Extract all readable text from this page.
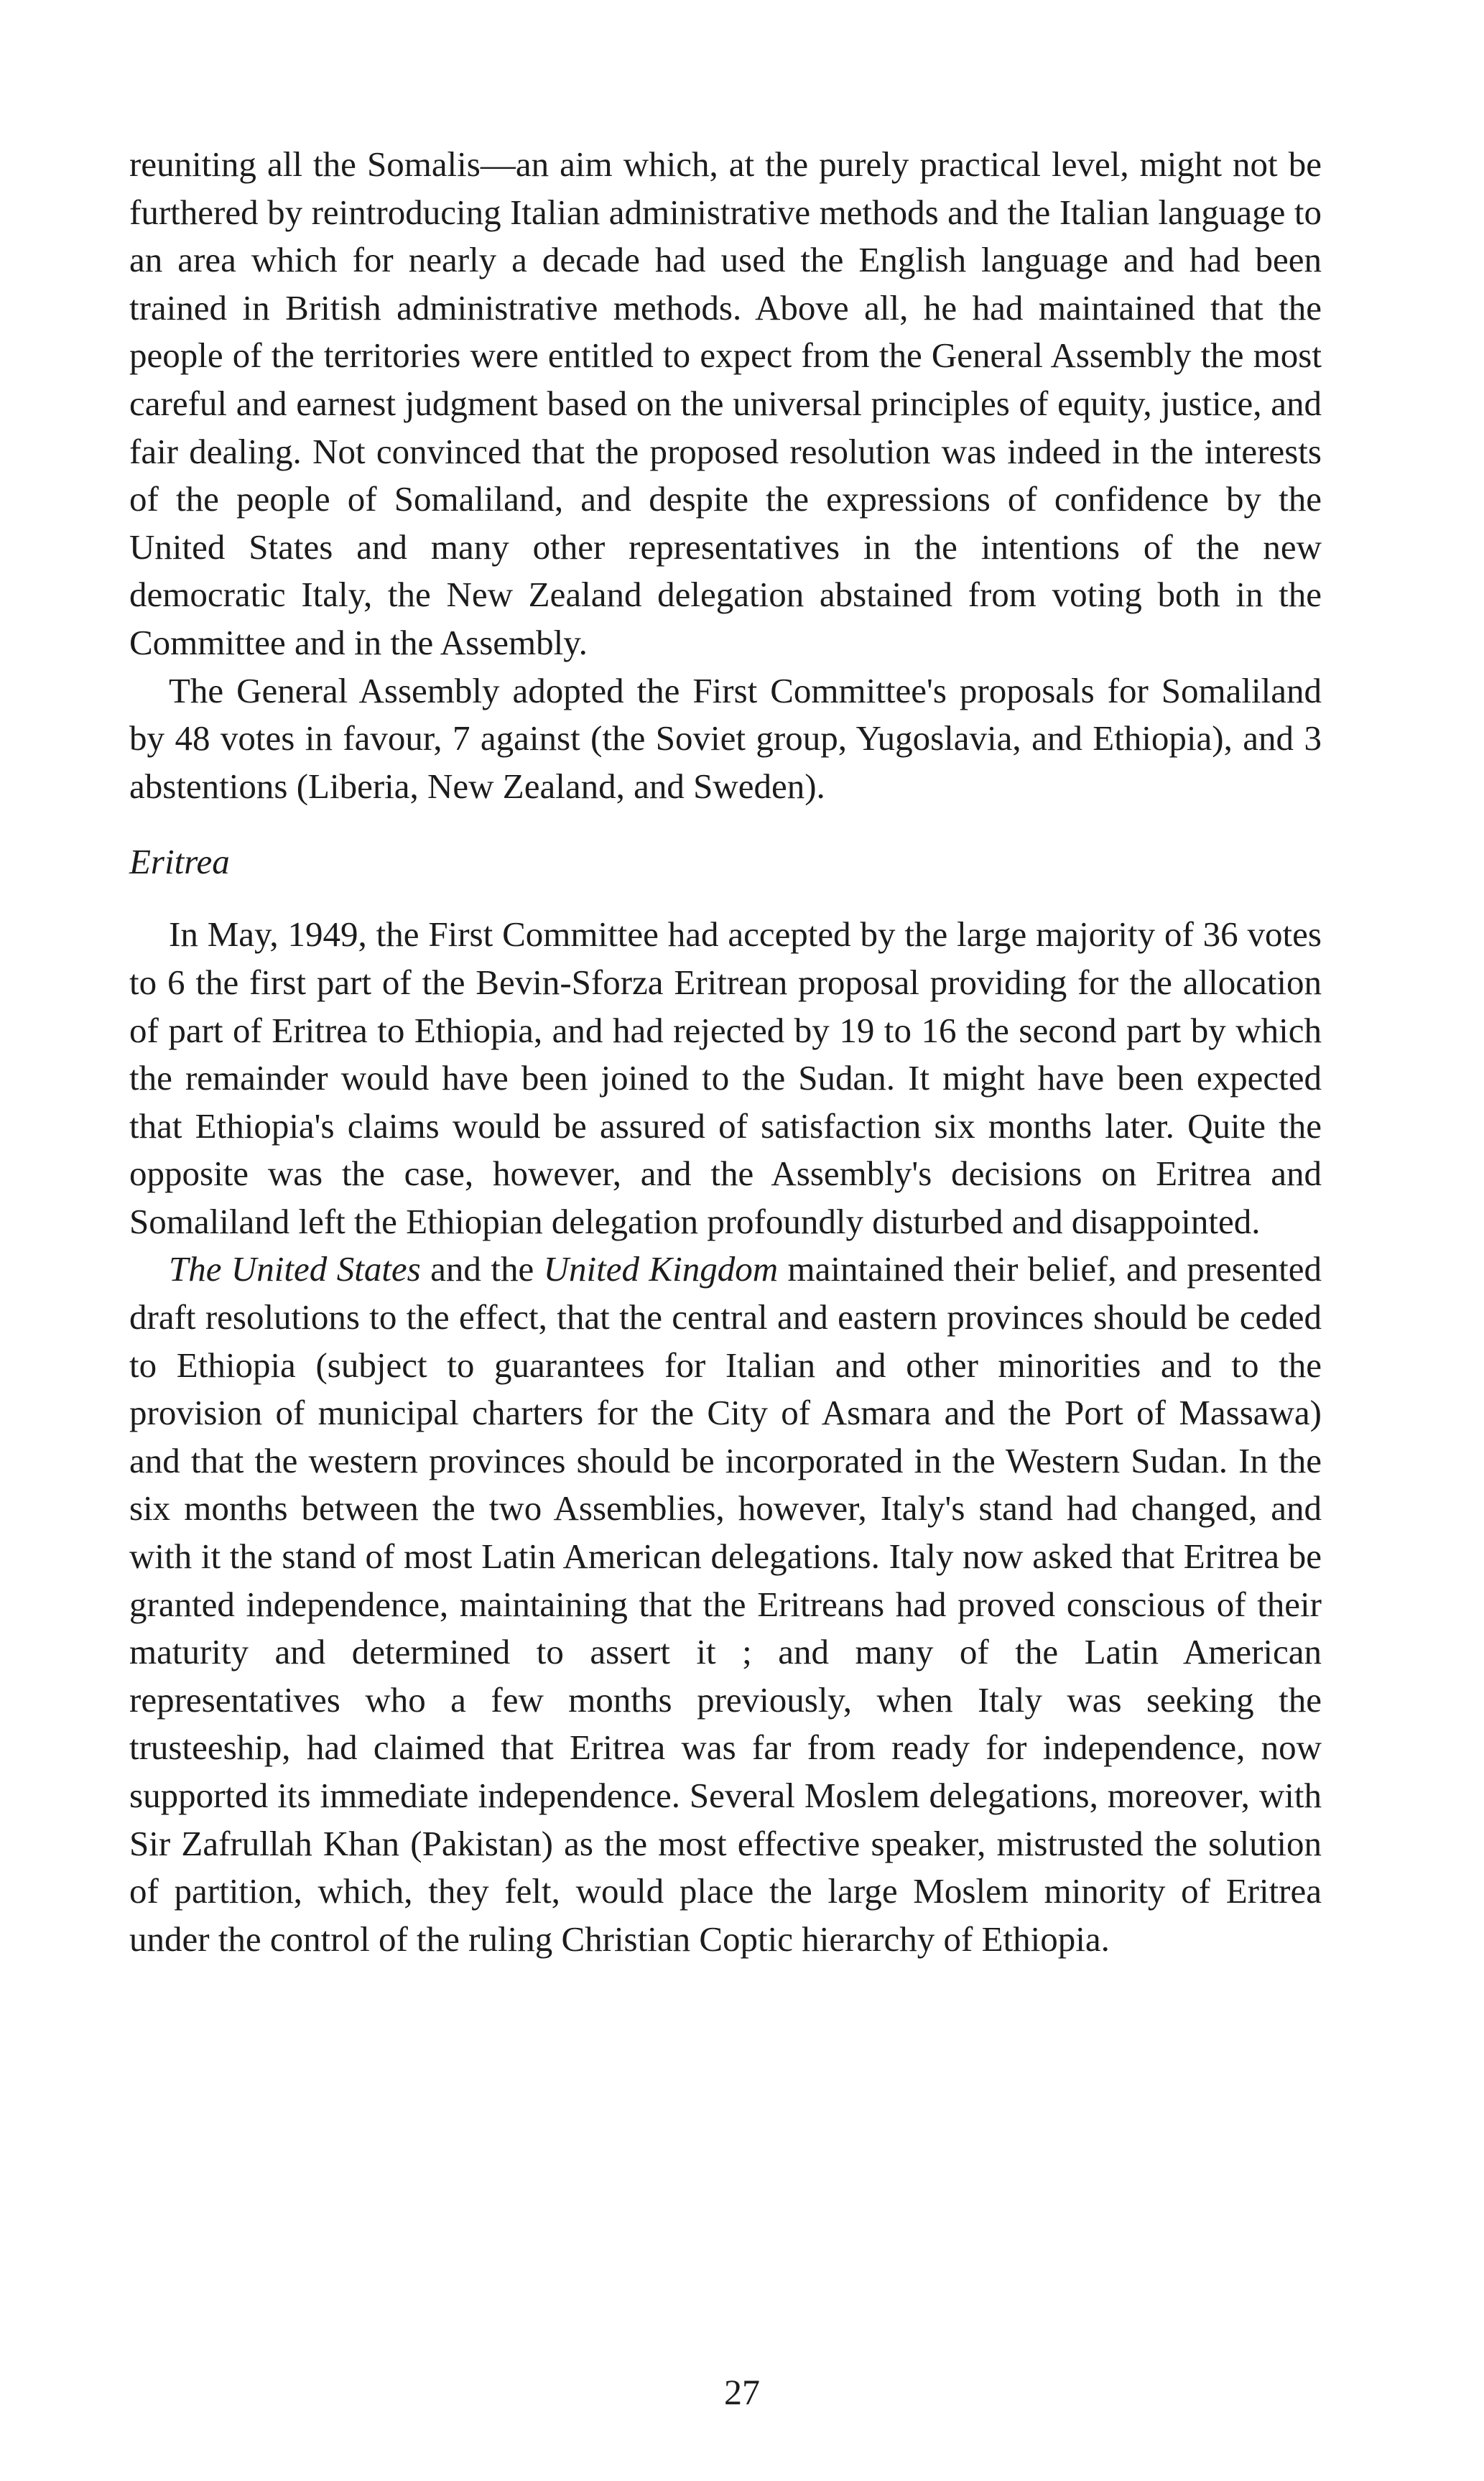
reuniting all the Somalis—an aim which, at the purely practical level, might not be furthered by reintroducing Italian administrative methods and the Italian language to an area which for nearly a decade had used the English language and had been trained in British administrative methods. Above all, he had maintained that the people of the territories were entitled to expect from the General Assembly the most careful and earnest judgment based on the universal principles of equity, justice, and fair dealing. Not convinced that the proposed resolution was indeed in the interests of the people of Somaliland, and despite the expressions of confidence by the United States and many other representatives in the intentions of the new democratic Italy, the New Zealand delegation abstained from voting both in the Committee and in the Assembly.

The General Assembly adopted the First Committee's proposals for Somaliland by 48 votes in favour, 7 against (the Soviet group, Yugoslavia, and Ethiopia), and 3 abstentions (Liberia, New Zealand, and Sweden).

Eritrea

In May, 1949, the First Committee had accepted by the large majority of 36 votes to 6 the first part of the Bevin-Sforza Eritrean proposal providing for the allocation of part of Eritrea to Ethiopia, and had rejected by 19 to 16 the second part by which the remainder would have been joined to the Sudan. It might have been expected that Ethiopia's claims would be assured of satisfaction six months later. Quite the opposite was the case, however, and the Assembly's decisions on Eritrea and Somaliland left the Ethiopian delegation profoundly disturbed and disappointed.

The United States and the United Kingdom maintained their belief, and presented draft resolutions to the effect, that the central and eastern provinces should be ceded to Ethiopia (subject to guarantees for Italian and other minorities and to the provision of municipal charters for the City of Asmara and the Port of Massawa) and that the western provinces should be incorporated in the Western Sudan. In the six months between the two Assemblies, however, Italy's stand had changed, and with it the stand of most Latin American delegations. Italy now asked that Eritrea be granted independence, maintaining that the Eritreans had proved conscious of their maturity and determined to assert it ; and many of the Latin American representatives who a few months previously, when Italy was seeking the trusteeship, had claimed that Eritrea was far from ready for independence, now supported its immediate independence. Several Moslem delegations, moreover, with Sir Zafrullah Khan (Pakistan) as the most effective speaker, mistrusted the solution of partition, which, they felt, would place the large Moslem minority of Eritrea under the control of the ruling Christian Coptic hierarchy of Ethiopia.

27
